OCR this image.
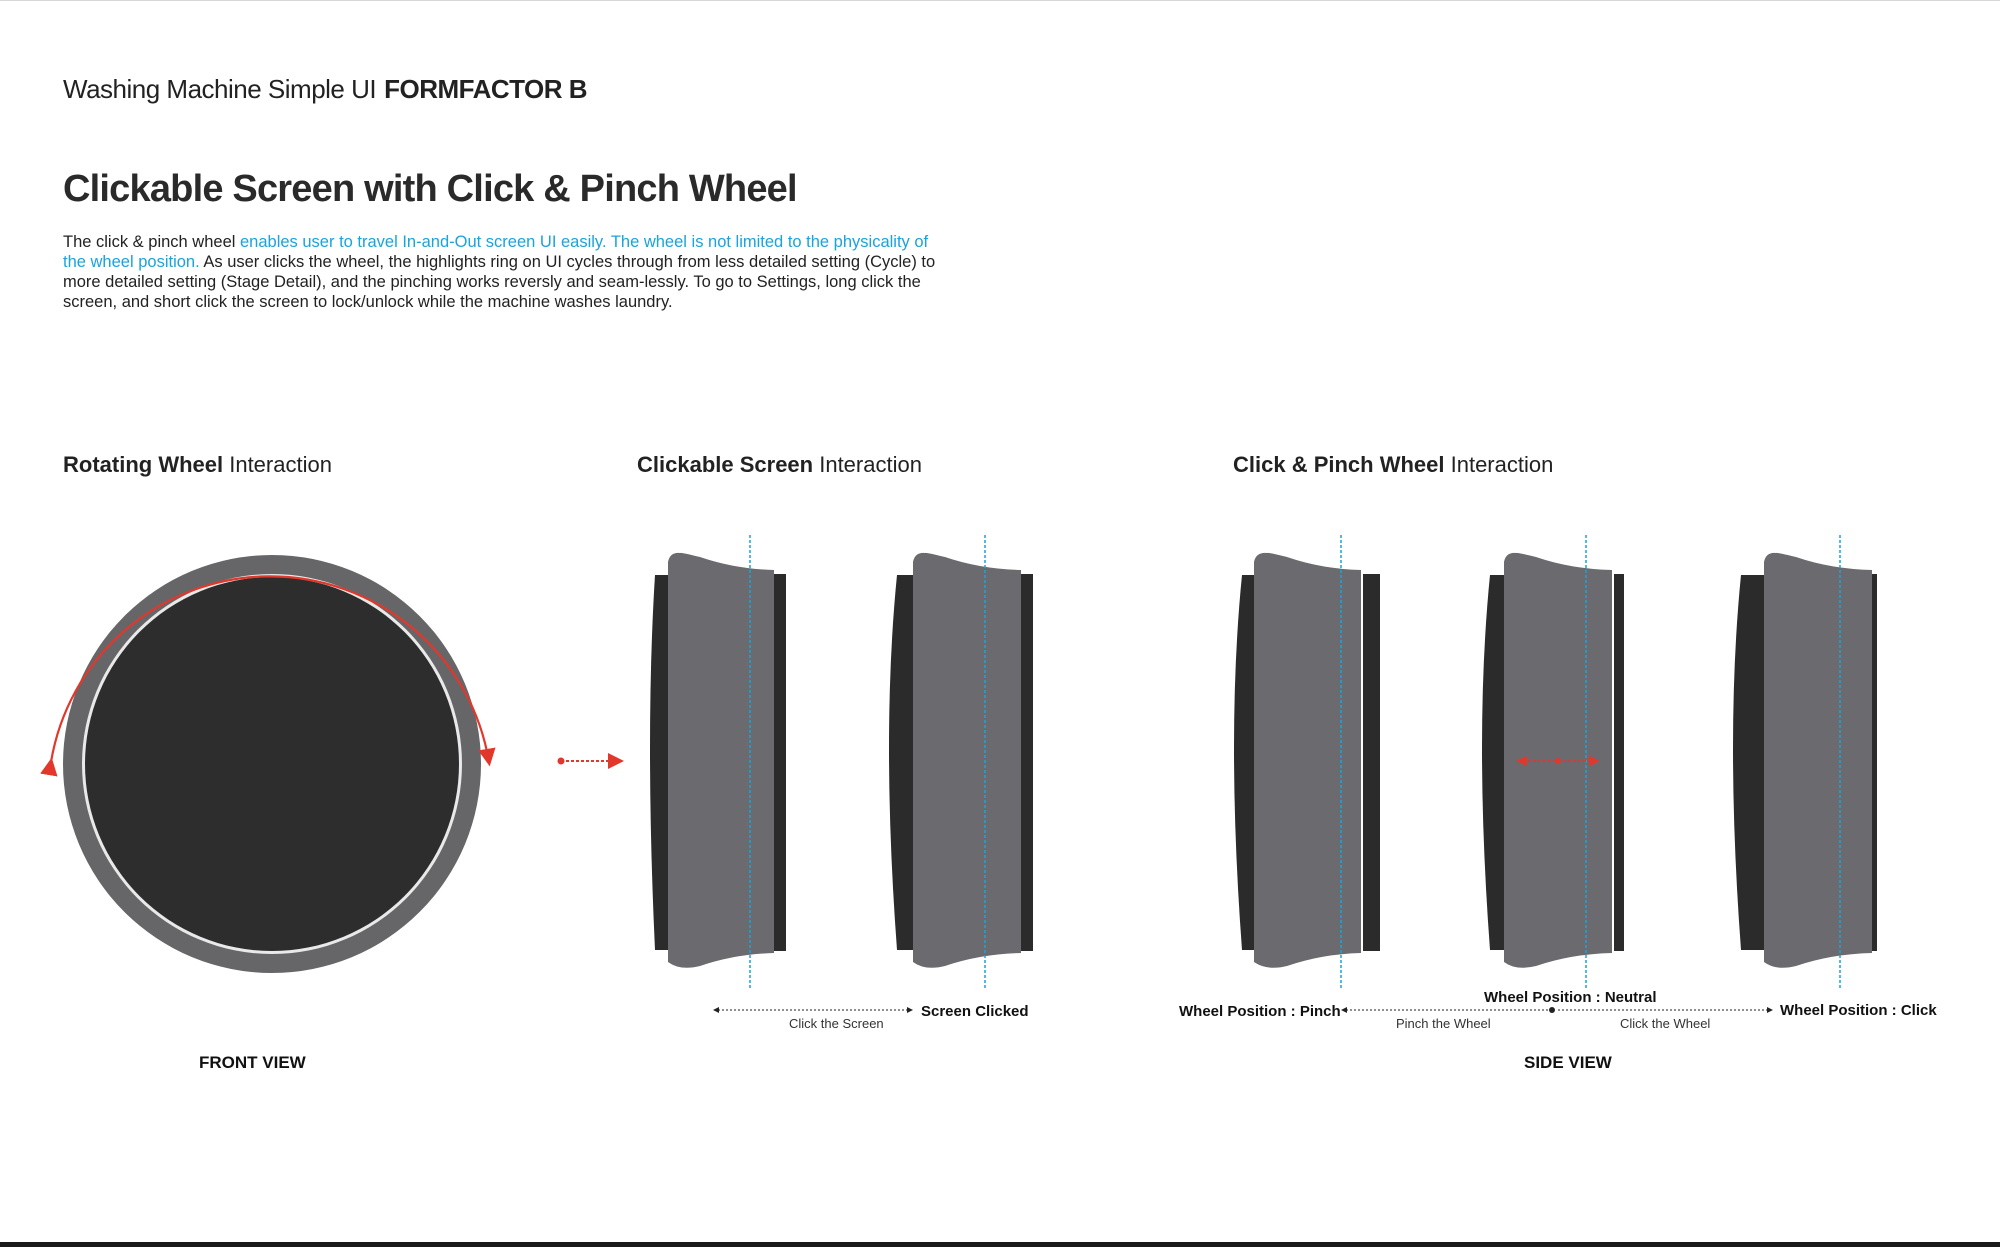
Washing Machine Simple UI FORMFACTOR B
Clickable Screen with Click & Pinch Wheel
The click & pinch wheel enables user to travel In-and-Out screen UI easily. The wheel is not limited to the physicality of the wheel position. As user clicks the wheel, the highlights ring on UI cycles through from less detailed setting (Cycle) to more detailed setting (Stage Detail), and the pinching works reversly and seam-lessly. To go to Settings, long click the screen, and short click the screen to lock/unlock while the machine washes laundry.
Rotating Wheel Interaction	Clickable Screen Interaction	Click & Pinch Wheel Interaction
Click the Screen
Screen Clicked	Wheel Position : Pinch
Wheel Position : Neutral
Wheel Position : Click
Pinch the Wheel	Click the Wheel
FRONT VIEW	SIDE VIEW
